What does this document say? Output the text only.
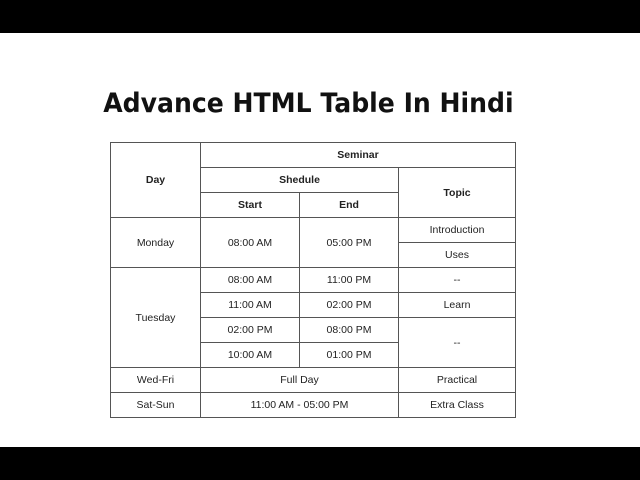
Advance HTML Table In Hindi
Day	Seminar		
	Shedule		Topic
	Start	End	
Monday	08:00 AM	05:00 PM	Introduction
			Uses
Tuesday	08:00 AM	11:00 PM	--
	11:00 AM	02:00 PM	Learn
	02:00 PM	08:00 PM	--
	10:00 AM	01:00 PM	
Wed-Fri	Full Day		Practical
Sat-Sun	11:00 AM - 05:00 PM		Extra Class
